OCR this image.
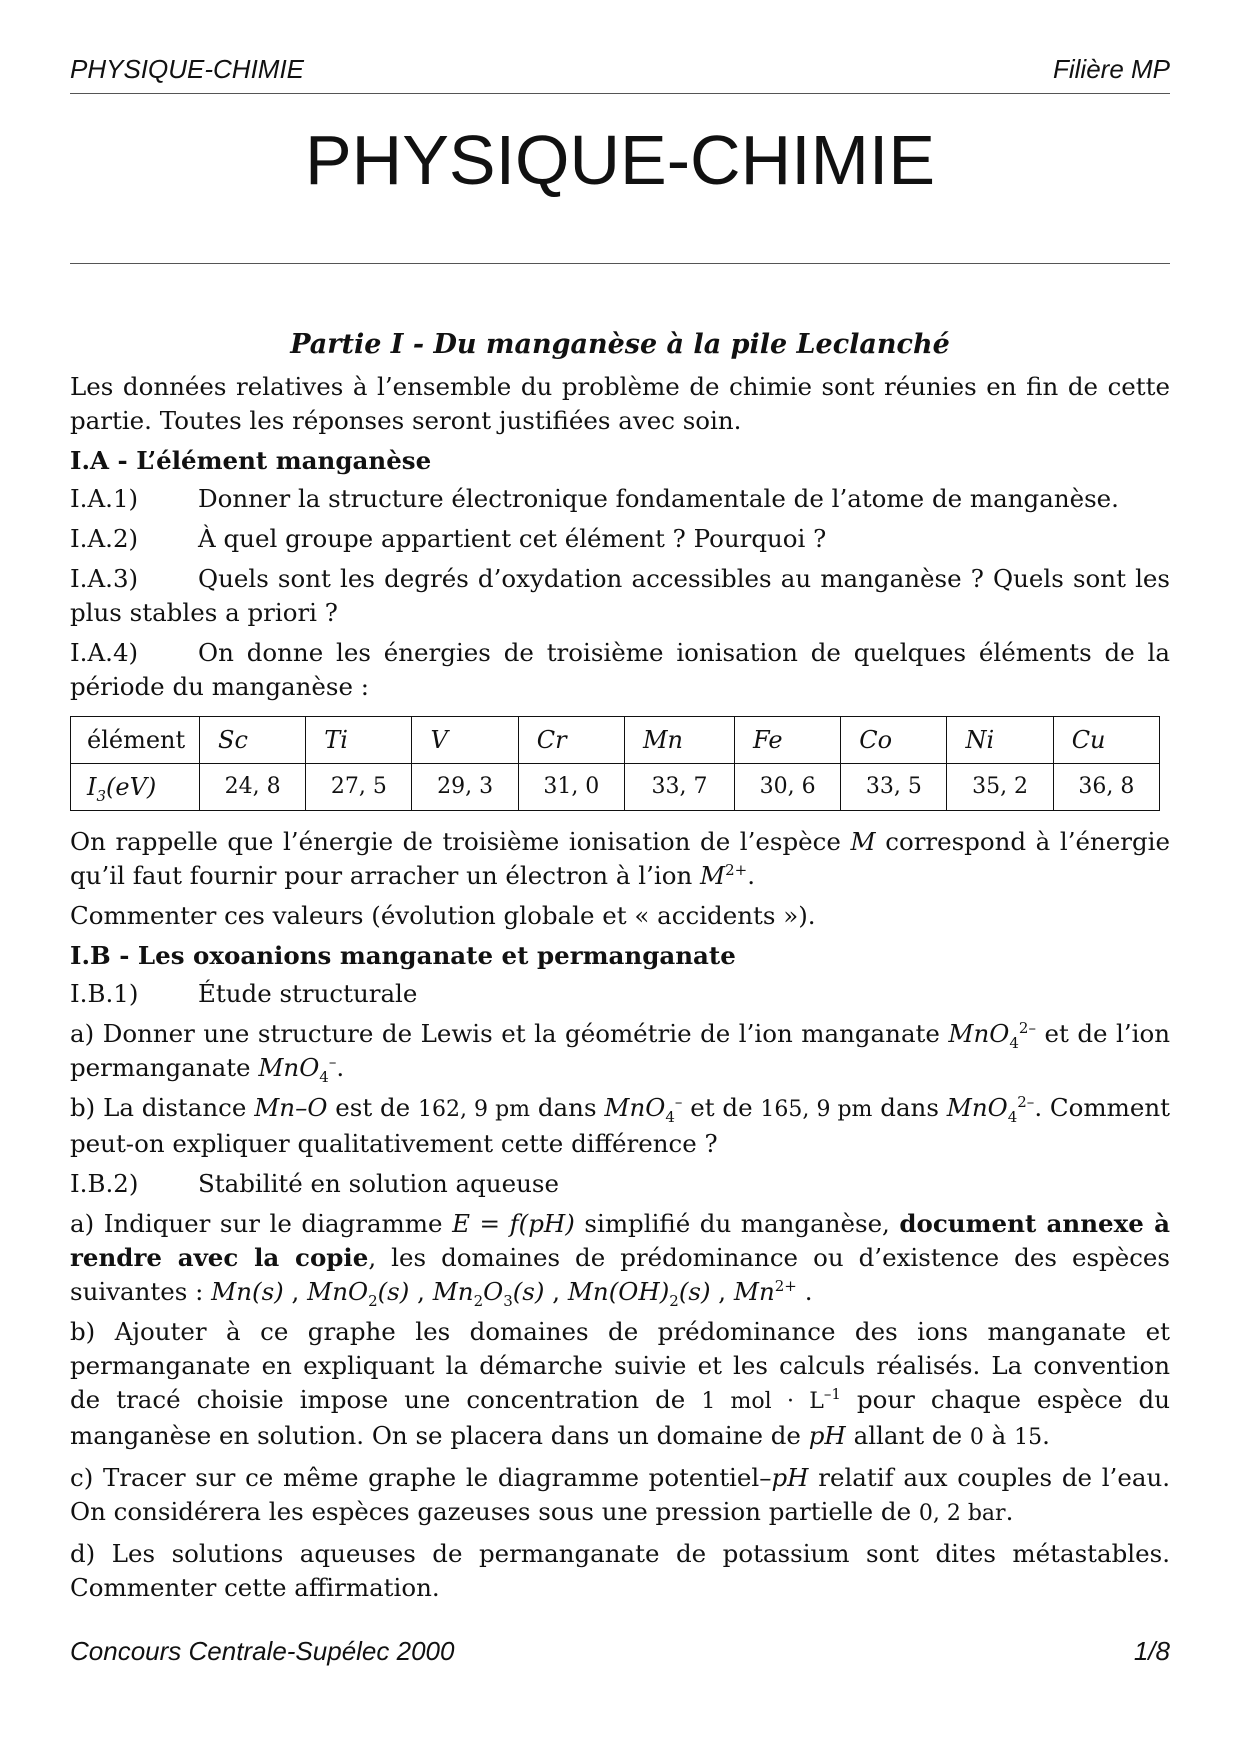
PHYSIQUE-CHIMIE	Filière MP
PHYSIQUE-CHIMIE
Partie I - Du manganèse à la pile Leclanché

Les données relatives à l’ensemble du problème de chimie sont réunies en fin de cette partie. Toutes les réponses seront justifiées avec soin.

I.A - L’élément manganèse

I.A.1) Donner la structure électronique fondamentale de l’atome de manganèse.

I.A.2) À quel groupe appartient cet élément ? Pourquoi ?

I.A.3) Quels sont les degrés d’oxydation accessibles au manganèse ? Quels sont les plus stables a priori ?

I.A.4) On donne les énergies de troisième ionisation de quelques éléments de la période du manganèse :

élément	Sc	Ti	V	Cr	Mn	Fe	Co	Ni	Cu
$I_3(eV)$	24, 8	27, 5	29, 3	31, 0	33, 7	30, 6	33, 5	35, 2	36, 8

On rappelle que l’énergie de troisième ionisation de l’espèce M correspond à l’énergie qu’il faut fournir pour arracher un électron à l’ion $M^{2+}$.

Commenter ces valeurs (évolution globale et « accidents »).

I.B - Les oxoanions manganate et permanganate

I.B.1) Étude structurale

a) Donner une structure de Lewis et la géométrie de l’ion manganate MnO$_4^{2-}$ et de l’ion permanganate MnO$_4$–.

b) La distance Mn–O est de 162, 9 pm dans MnO$_4$– et de 165, 9 pm dans MnO$_4^{2-}$. Comment peut-on expliquer qualitativement cette différence ?

I.B.2) Stabilité en solution aqueuse

a) Indiquer sur le diagramme E = f(pH) simplifié du manganèse, document annexe à rendre avec la copie, les domaines de prédominance ou d’existence des espèces suivantes : Mn(s) , MnO$_2$(s) , $Mn_2O_3(s)$ , $Mn(OH)_2(s)$ , $Mn^{2+}$ .

b) Ajouter à ce graphe les domaines de prédominance des ions manganate et permanganate en expliquant la démarche suivie et les calculs réalisés. La convention de tracé choisie impose une concentration de 1 mol · $L^{-1}$ pour chaque espèce du manganèse en solution. On se placera dans un domaine de pH allant de 0 à 15.

c) Tracer sur ce même graphe le diagramme potentiel–pH relatif aux couples de l’eau. On considérera les espèces gazeuses sous une pression partielle de 0, 2 bar.

d) Les solutions aqueuses de permanganate de potassium sont dites métastables. Commenter cette affirmation.

Concours Centrale-Supélec 2000	1/8
